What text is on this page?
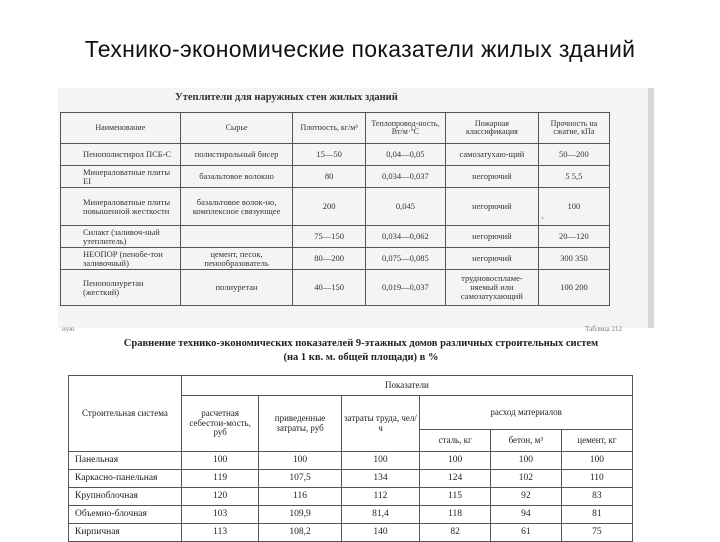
Технико-экономические показатели жилых зданий
Утеплители для наружных стен жилых зданий
Наименование	Сырье	Плотность, кг/м³	Теплопровод-ность, Вт/м·°С	Пожарная классификация	Прочность на сжатие, кПа
Пенополистирол ПСБ-С	полистирольный бисер	15—50	0,04—0,05	самозатухаю-щий	50—200
Минераловатные плиты EI	базальтовое волокно	80	0,034—0,037	негорючий	5 5,5
Минераловатные плиты повышенной жесткости	базальтовое волок-но, комплексное связующее	200	0,045	негорючий	100
Силакт (заливоч-ный утеплитель)		75—150	0,034—0,062	негорючий	20—120
НЕОПОР (пенобе-тон заливочный)	цемент, песок, пенообразователь	80—200	0,075—0,085	негорючий	300 350
Пенополиуретан (жесткий)	полиуретан	40—150	0,019—0,037	трудновоспламе-няемый или самозатухающий	100 200
ˎ
ную	Таблица 212
Сравнение технико-экономических показателей 9-этажных домов различных строительных систем
(на 1 кв. м. общей площади) в %
Строительная система	Показатели					
	расчетная себестои-мость, руб	приведенные затраты, руб	затраты труда, чел/ч	расход материалов		
				сталь, кг	бетон, м³	цемент, кг
Панельная	100	100	100	100	100	100
Каркасно-панельная	119	107,5	134	124	102	110
Крупноблочная	120	116	112	115	92	83
Объемно-блочная	103	109,9	81,4	118	94	81
Кирпичная	113	108,2	140	82	61	75
